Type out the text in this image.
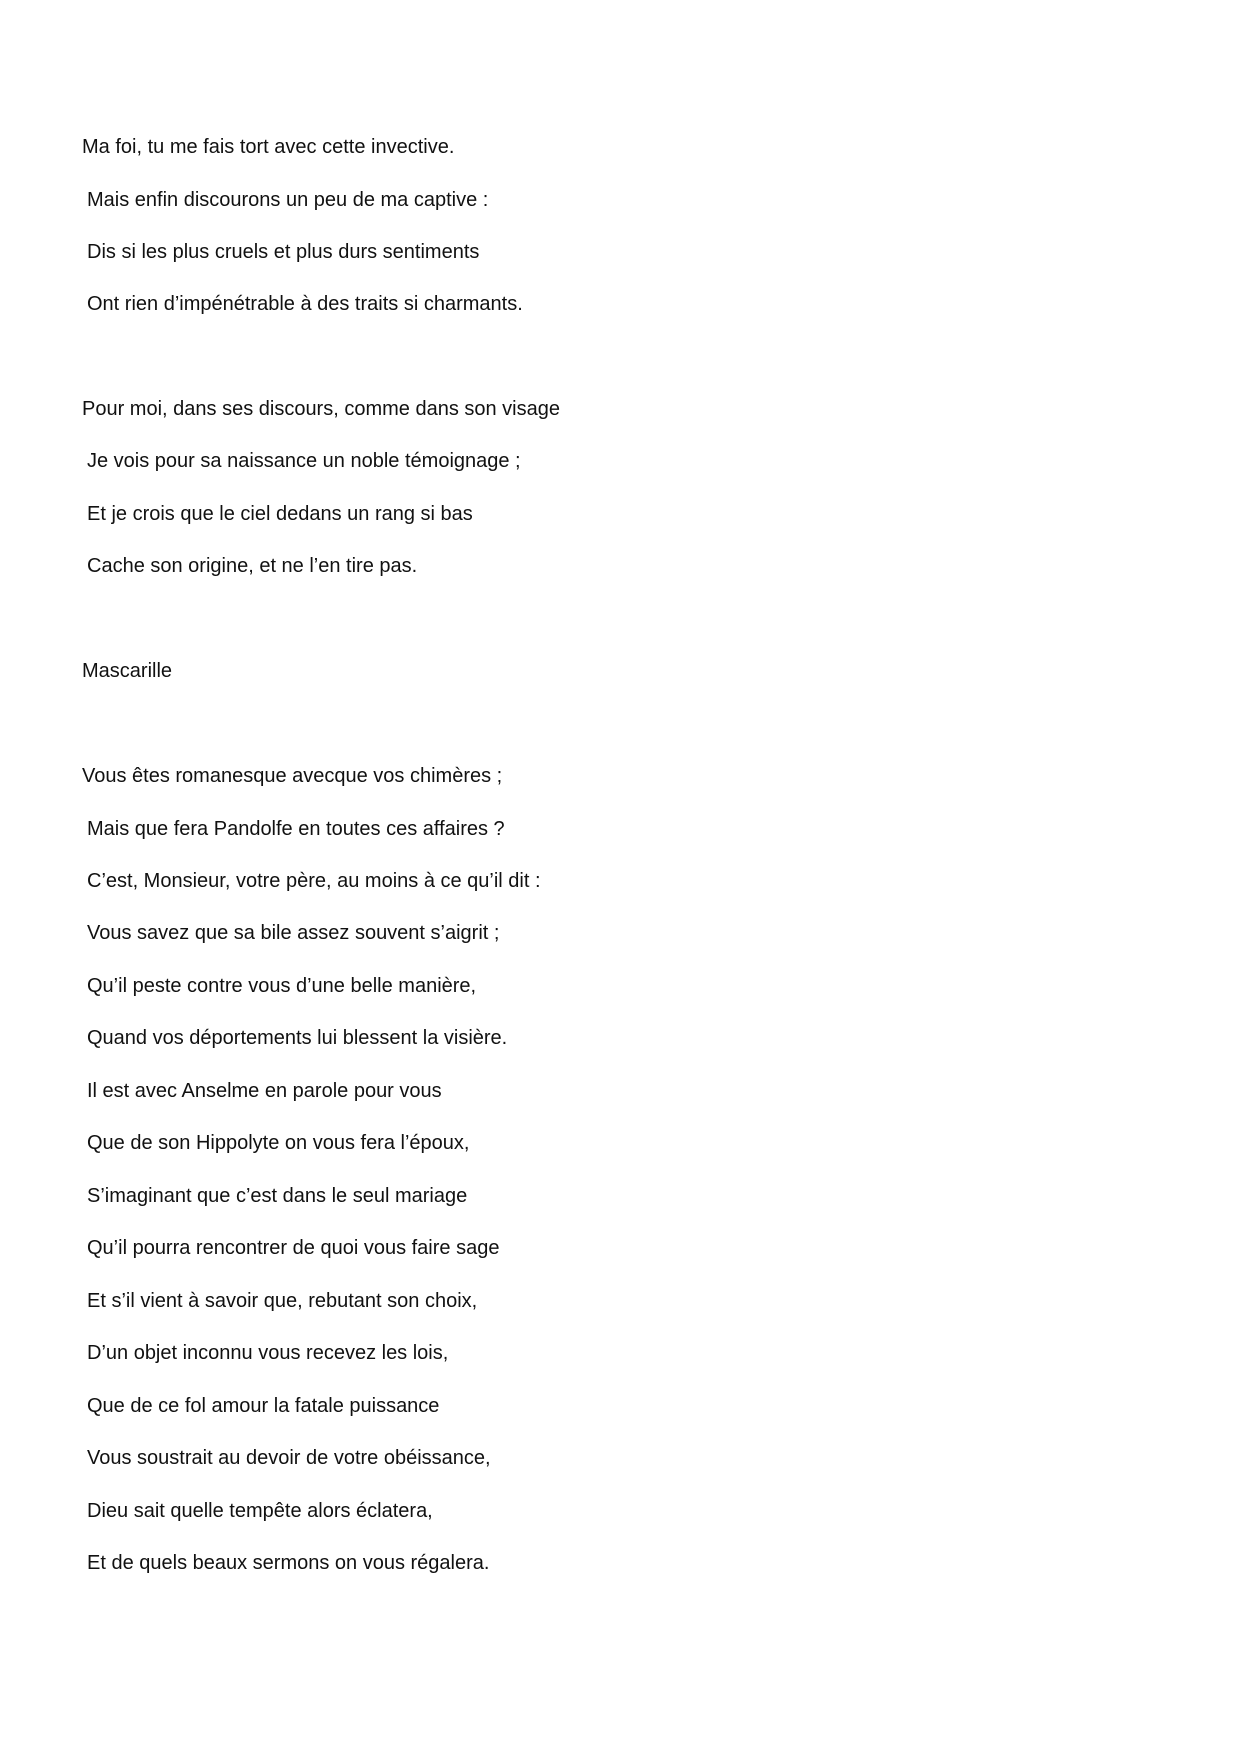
Ma foi, tu me fais tort avec cette invective.

Mais enfin discourons un peu de ma captive :

Dis si les plus cruels et plus durs sentiments

Ont rien d’impénétrable à des traits si charmants.

Pour moi, dans ses discours, comme dans son visage

Je vois pour sa naissance un noble témoignage ;

Et je crois que le ciel dedans un rang si bas

Cache son origine, et ne l’en tire pas.

Mascarille

Vous êtes romanesque avecque vos chimères ;

Mais que fera Pandolfe en toutes ces affaires ?

C’est, Monsieur, votre père, au moins à ce qu’il dit :

Vous savez que sa bile assez souvent s’aigrit ;

Qu’il peste contre vous d’une belle manière,

Quand vos déportements lui blessent la visière.

Il est avec Anselme en parole pour vous

Que de son Hippolyte on vous fera l’époux,

S’imaginant que c’est dans le seul mariage

Qu’il pourra rencontrer de quoi vous faire sage

Et s’il vient à savoir que, rebutant son choix,

D’un objet inconnu vous recevez les lois,

Que de ce fol amour la fatale puissance

Vous soustrait au devoir de votre obéissance,

Dieu sait quelle tempête alors éclatera,

Et de quels beaux sermons on vous régalera.
